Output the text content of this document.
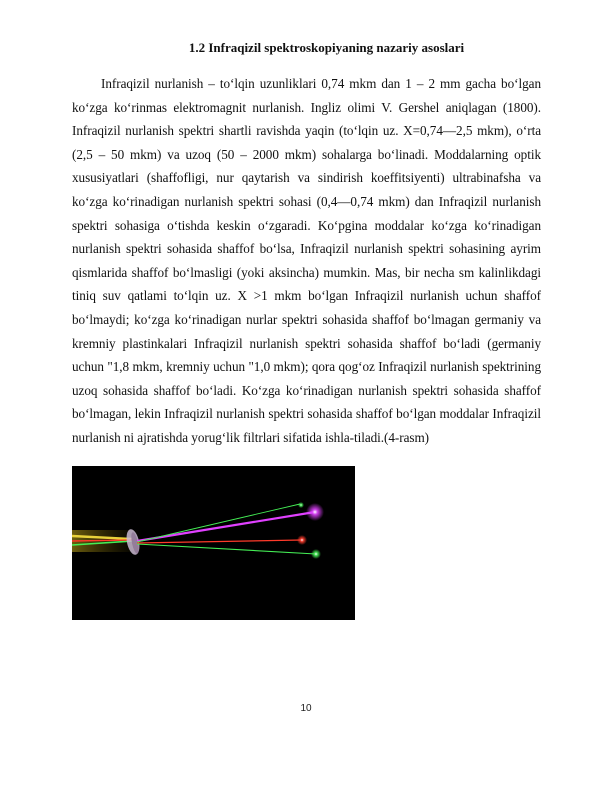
1.2 Infraqizil spektroskopiyaning nazariy asoslari

Infraqizil nurlanish – to‘lqin uzunliklari 0,74 mkm dan 1 – 2 mm gacha bo‘lgan ko‘zga ko‘rinmas elektromagnit nurlanish. Ingliz olimi V. Gershel aniqlagan (1800). Infraqizil nurlanish spektri shartli ravishda yaqin (to‘lqin uz. X=0,74—2,5 mkm), o‘rta (2,5 – 50 mkm) va uzoq (50 – 2000 mkm) sohalarga bo‘linadi. Moddalarning optik xususiyatlari (shaffofligi, nur qaytarish va sindirish koeffitsiyenti) ultrabinafsha va ko‘zga ko‘rinadigan nurlanish spektri sohasi (0,4—0,74 mkm) dan Infraqizil nurlanish spektri sohasiga o‘tishda keskin o‘zgaradi. Ko‘pgina moddalar ko‘zga ko‘rinadigan nurlanish spektri sohasida shaffof bo‘lsa, Infraqizil nurlanish spektri sohasining ayrim qismlarida shaffof bo‘lmasligi (yoki aksincha) mumkin. Mas, bir necha sm kalinlikdagi tiniq suv qatlami to‘lqin uz. X >1 mkm bo‘lgan Infraqizil nurlanish uchun shaffof bo‘lmaydi; ko‘zga ko‘rinadigan nurlar spektri sohasida shaffof bo‘lmagan germaniy va kremniy plastinkalari Infraqizil nurlanish spektri sohasida shaffof bo‘ladi (germaniy uchun "1,8 mkm, kremniy uchun "1,0 mkm); qora qog‘oz Infraqizil nurlanish spektrining uzoq sohasida shaffof bo‘ladi. Ko‘zga ko‘rinadigan nurlanish spektri sohasida shaffof bo‘lmagan, lekin Infraqizil nurlanish spektri sohasida shaffof bo‘lgan moddalar Infraqizil nurlanish ni ajratishda yorug‘lik filtrlari sifatida ishla-tiladi.(4-rasm)

10
